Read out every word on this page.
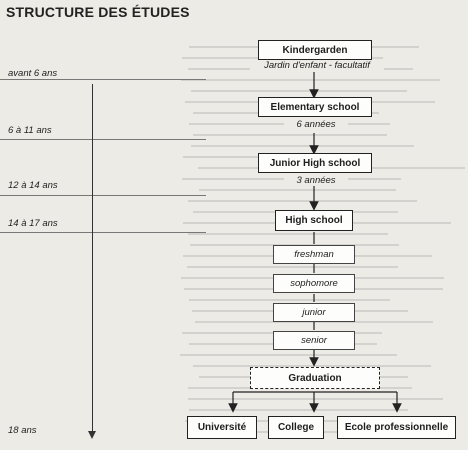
STRUCTURE DES ÉTUDES
avant 6 ans
6 à 11 ans
12 à 14 ans
14 à 17 ans
18 ans
Kindergarden
Jardin d'enfant - facultatif
Elementary school
6 années
Junior High school
3 années
High school
freshman
sophomore
junior
senior
Graduation
Université	College	Ecole professionnelle
